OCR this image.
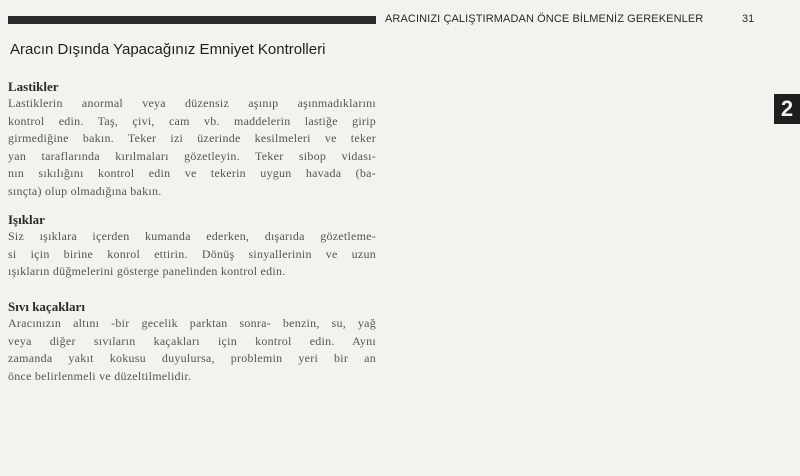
ARACINIZI ÇALIŞTIRMADAN ÖNCE BİLMENİZ GEREKENLER	31
2
Aracın Dışında Yapacağınız Emniyet Kontrolleri
Lastikler
Lastiklerin anormal veya düzensiz aşınıp aşınmadıklarını
kontrol edin. Taş, çivi, cam vb. maddelerin lastiğe girip
girmediğine bakın. Teker izi üzerinde kesilmeleri ve teker
yan taraflarında kırılmaları gözetleyin. Teker sibop vidası-
nın sıkılığını kontrol edin ve tekerin uygun havada (ba-
sınçta) olup olmadığına bakın.
Işıklar
Siz ışıklara içerden kumanda ederken, dışarıda gözetleme-
si için birine konrol ettirin. Dönüş sinyallerinin ve uzun
ışıkların düğmelerini gösterge panelinden kontrol edin.
Sıvı kaçakları
Aracınızın altını -bir gecelik parktan sonra- benzin, su, yağ
veya diğer sıvıların kaçakları için kontrol edin. Aynı
zamanda yakıt kokusu duyulursa, problemin yeri bir an
önce belirlenmeli ve düzeltilmelidir.
